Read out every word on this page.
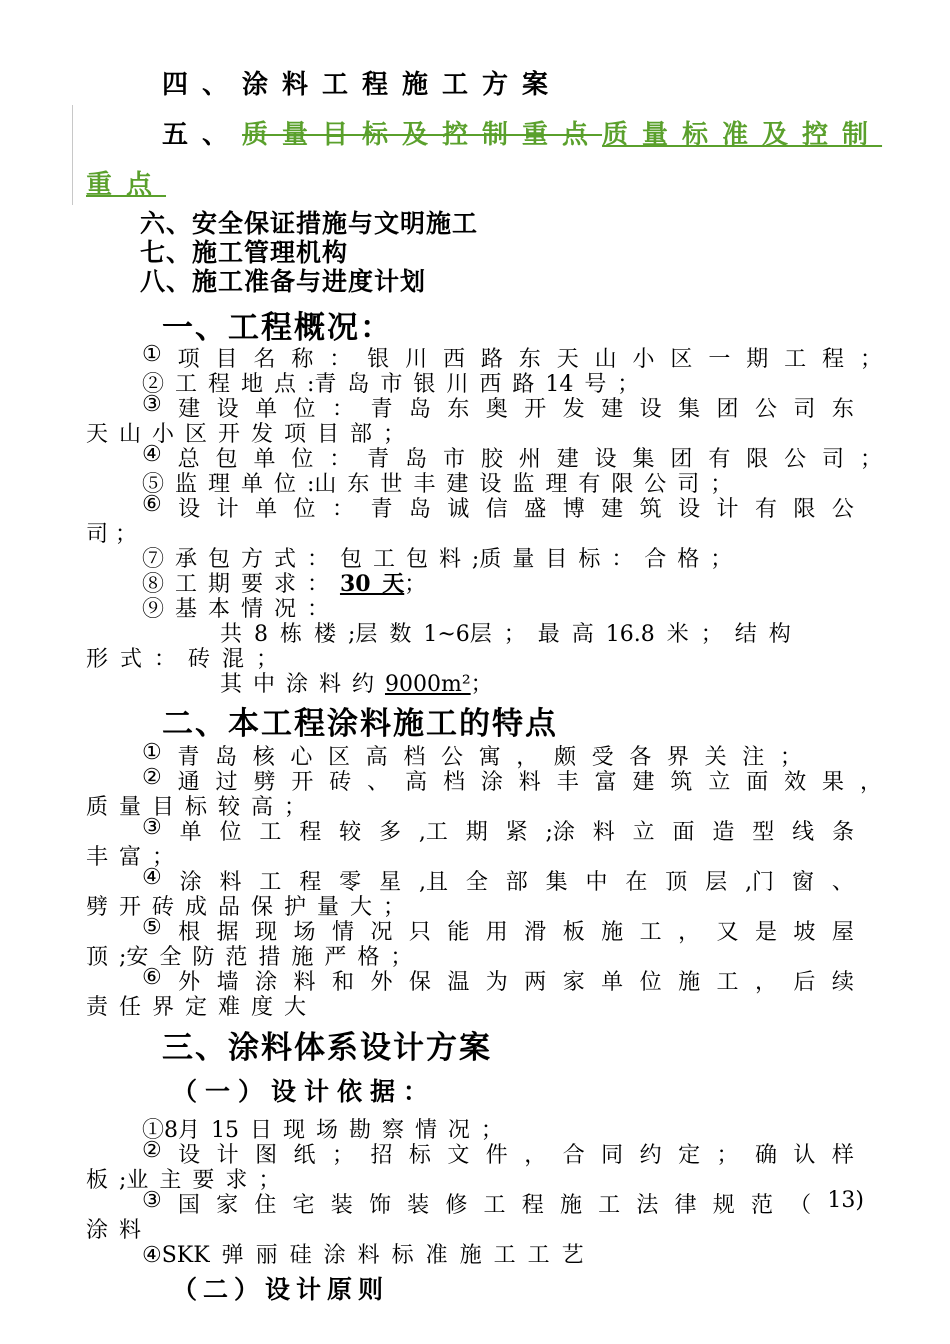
四、涂料工程施工方案
五、质量目标及控制重点质量标准及控制
重点
六、安全保证措施与文明施工
七、施工管理机构
八、施工准备与进度计划
一、工程概况：
① 项 目 名 称 ： 银 川 西 路 东 天 山 小 区 一 期 工 程 ；
② 工 程 地 点 :青 岛 市 银 川 西 路 14 号 ；
③ 建 设 单 位 ： 青 岛 东 奥 开 发 建 设 集 团 公 司 东
天 山 小 区 开 发 项 目 部 ；
④ 总 包 单 位 ： 青 岛 市 胶 州 建 设 集 团 有 限 公 司 ；
⑤ 监 理 单 位 :山 东 世 丰 建 设 监 理 有 限 公 司 ；
⑥ 设 计 单 位 ： 青 岛 诚 信 盛 博 建 筑 设 计 有 限 公
司 ；
⑦ 承 包 方 式 ： 包 工 包 料 ;质 量 目 标 ： 合 格 ；
⑧ 工 期 要 求 ： 30 天；
⑨ 基 本 情 况 ：
共 8 栋 楼 ;层 数 1~6层 ； 最 高 16.8 米 ； 结 构
形 式 ： 砖 混 ；
其 中 涂 料 约 9000m²；
二、本工程涂料施工的特点
① 青 岛 核 心 区 高 档 公 寓 ， 颇 受 各 界 关 注 ；
② 通 过 劈 开 砖 、 高 档 涂 料 丰 富 建 筑 立 面 效 果 ，
质 量 目 标 较 高 ；
③ 单 位 工 程 较 多 ,工 期 紧 ;涂 料 立 面 造 型 线 条
丰 富 ；
④ 涂 料 工 程 零 星 ,且 全 部 集 中 在 顶 层 ,门 窗 、
劈 开 砖 成 品 保 护 量 大 ；
⑤ 根 据 现 场 情 况 只 能 用 滑 板 施 工 ， 又 是 坡 屋
顶 ;安 全 防 范 措 施 严 格 ；
⑥ 外 墙 涂 料 和 外 保 温 为 两 家 单 位 施 工 ， 后 续
责 任 界 定 难 度 大
三、涂料体系设计方案
（一）设计依据：
①8月 15 日 现 场 勘 察 情 况 ；
② 设 计 图 纸 ； 招 标 文 件 ， 合 同 约 定 ； 确 认 样
板 ;业 主 要 求 ；
③ 国 家 住 宅 装 饰 装 修 工 程 施 工 法 律 规 范 （ 13)
涂 料
④SKK 弹 丽 硅 涂 料 标 准 施 工 工 艺
（二）设计原则
